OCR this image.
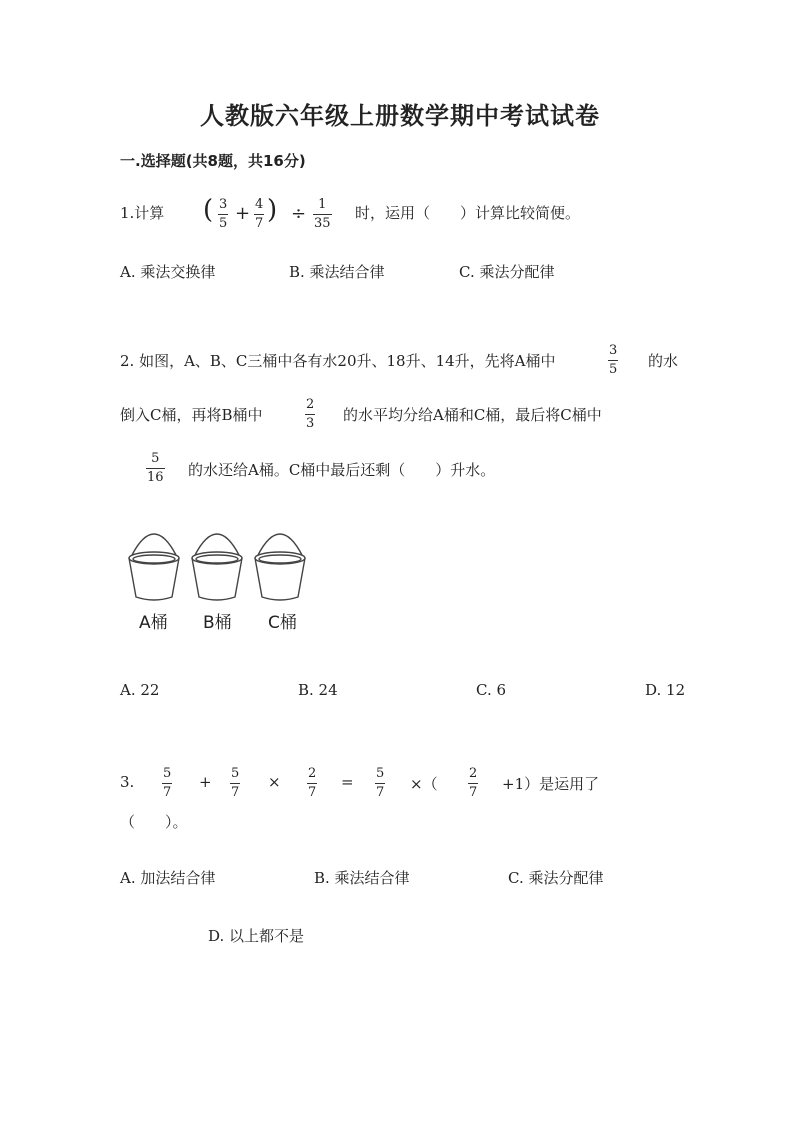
人教版六年级上册数学期中考试试卷
一.选择题(共8题，共16分)
1.计算 ( 3
5 + 4
7 ) ÷ 1
35
时，运用（　　）计算比较简便。
A. 乘法交换律	B. 乘法结合律	C. 乘法分配律
2. 如图，A、B、C三桶中各有水20升、18升、14升，先将A桶中
3
5 的水
倒入C桶，再将B桶中
2
3 的水平均分给A桶和C桶，最后将C桶中
5
16 的水还给A桶。C桶中最后还剩（　　）升水。
A桶 B桶 C桶
A. 22	B. 24	C. 6	D. 12
3. 5
7
+ 5
7
× 2
7
= 5
7 ×（
2
7 +1）是运用了
（　　）。
A. 加法结合律	B. 乘法结合律	C. 乘法分配律
D. 以上都不是
